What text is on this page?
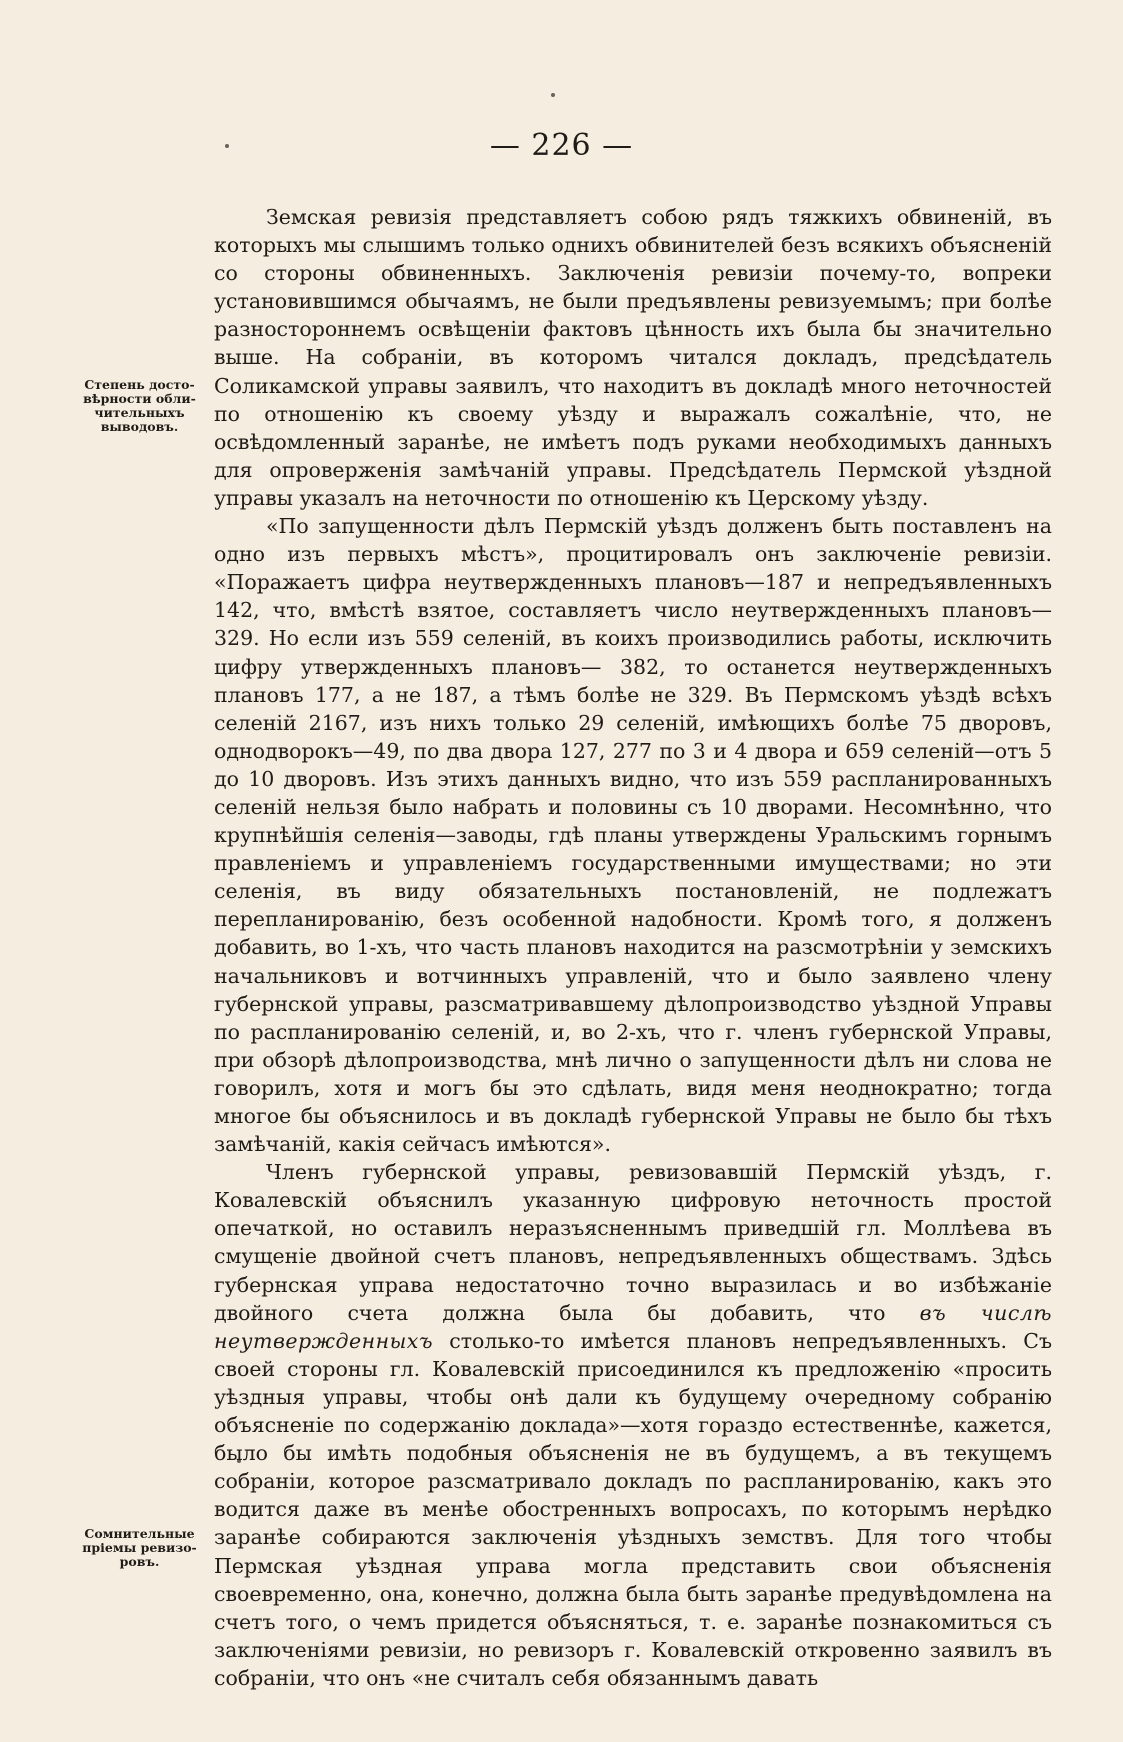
— 226 —
Степень досто-
вѣрности обли-
чительныхъ
выводовъ.
Сомнительные
пріемы ревизо-
ровъ.

Земская ревизія представляетъ собою рядъ тяжкихъ обвиненій, въ которыхъ мы слышимъ только однихъ обвинителей безъ всякихъ объясненій со стороны обвиненныхъ. Заключенія ревизіи почему-то, вопреки установившимся обычаямъ, не были предъявлены ревизуемымъ; при болѣе разностороннемъ освѣщеніи фактовъ цѣнность ихъ была бы значительно выше. На собраніи, въ которомъ читался докладъ, предсѣдатель Соликамской управы заявилъ, что находитъ въ докладѣ много неточностей по отношенію къ своему уѣзду и выражалъ сожалѣніе, что, не освѣдомленный заранѣе, не имѣетъ подъ руками необходимыхъ данныхъ для опроверженія замѣчаній управы. Предсѣдатель Пермской уѣздной управы указалъ на неточности по отношенію къ Церскому уѣзду.

«По запущенности дѣлъ Пермскій уѣздъ долженъ быть поставленъ на одно изъ первыхъ мѣстъ», процитировалъ онъ заключеніе ревизіи. «Поражаетъ цифра неутвержденныхъ плановъ—187 и непредъявленныхъ 142, что, вмѣстѣ взятое, составляетъ число неутвержденныхъ плановъ—329. Но если изъ 559 селеній, въ коихъ производились работы, исключить цифру утвержденныхъ плановъ— 382, то останется неутвержденныхъ плановъ 177, а не 187, а тѣмъ болѣе не 329. Въ Пермскомъ уѣздѣ всѣхъ селеній 2167, изъ нихъ только 29 селеній, имѣющихъ болѣе 75 дворовъ, однодворокъ—49, по два двора 127, 277 по 3 и 4 двора и 659 селеній—отъ 5 до 10 дворовъ. Изъ этихъ данныхъ видно, что изъ 559 распланированныхъ селеній нельзя было набрать и половины съ 10 дворами. Несомнѣнно, что крупнѣйшія селенія—заводы, гдѣ планы утверждены Уральскимъ горнымъ правленіемъ и управленіемъ государственными имуществами; но эти селенія, въ виду обязательныхъ постановленій, не подлежатъ перепланированію, безъ особенной надобности. Кромѣ того, я долженъ добавить, во 1-хъ, что часть плановъ находится на разсмотрѣніи у земскихъ начальниковъ и вотчинныхъ управленій, что и было заявлено члену губернской управы, разсматривавшему дѣлопроизводство уѣздной Управы по распланированію селеній, и, во 2-хъ, что г. членъ губернской Управы, при обзорѣ дѣлопроизводства, мнѣ лично о запущенности дѣлъ ни слова не говорилъ, хотя и могъ бы это сдѣлать, видя меня неоднократно; тогда многое бы объяснилось и въ докладѣ губернской Управы не было бы тѣхъ замѣчаній, какія сейчасъ имѣются».

Членъ губернской управы, ревизовавшій Пермскій уѣздъ, г. Ковалевскій объяснилъ указанную цифровую неточность простой опечаткой, но оставилъ неразъясненнымъ приведшій гл. Моллѣева въ смущеніе двойной счетъ плановъ, непредъявленныхъ обществамъ. Здѣсь губернская управа недостаточно точно выразилась и во избѣжаніе двойного счета должна была бы добавить, что въ числѣ неутвержденныхъ столько-то имѣется плановъ непредъявленныхъ. Съ своей стороны гл. Ковалевскій присоединился къ предложенію «просить уѣздныя управы, чтобы онѣ дали къ будущему очередному собранію объясненіе по содержанію доклада»—хотя гораздо естественнѣе, кажется, было бы имѣть подобныя объясненія не въ будущемъ, а въ текущемъ собраніи, которое разсматривало докладъ по распланированію, какъ это водится даже въ менѣе обостренныхъ вопросахъ, по которымъ нерѣдко заранѣе собираются заключенія уѣздныхъ земствъ. Для того чтобы Пермская уѣздная управа могла представить свои объясненія своевременно, она, конечно, должна была быть заранѣе предувѣдомлена на счетъ того, о чемъ придется объясняться, т. е. заранѣе познакомиться съ заключеніями ревизіи, но ревизоръ г. Ковалевскій откровенно заявилъ въ собраніи, что онъ «не считалъ себя обязаннымъ давать
